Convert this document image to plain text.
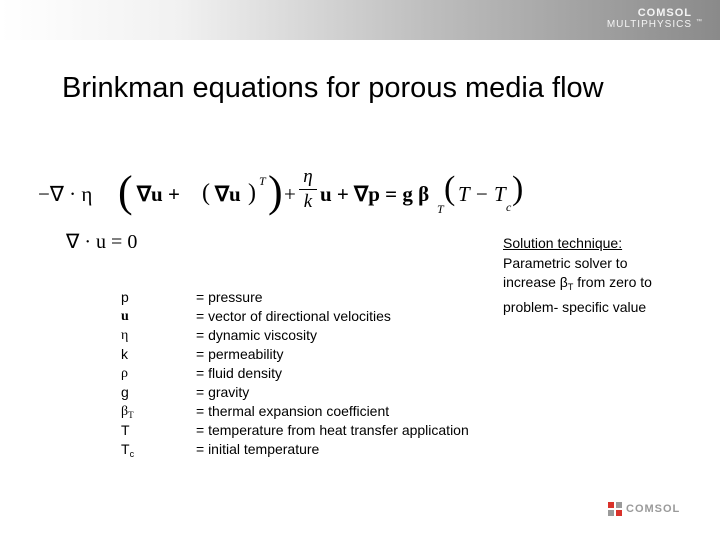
COMSOL
MULTIPHYSICS ™
Brinkman equations for porous media flow
−∇ · η ( ∇u + ( ∇u ) T ) +
η
k u + ∇p = g β
T
( T − T
c )
∇ · u = 0
p	= pressure
u	= vector of directional velocities
η	= dynamic viscosity
k	= permeability
ρ	= fluid density
g	= gravity
$\beta_T$	= thermal expansion coefficient
T	= temperature from heat transfer application
$T_c$	= initial temperature
Solution technique:
Parametric solver to
increase $\beta_T$ from zero to
problem- specific value
COMSOL
